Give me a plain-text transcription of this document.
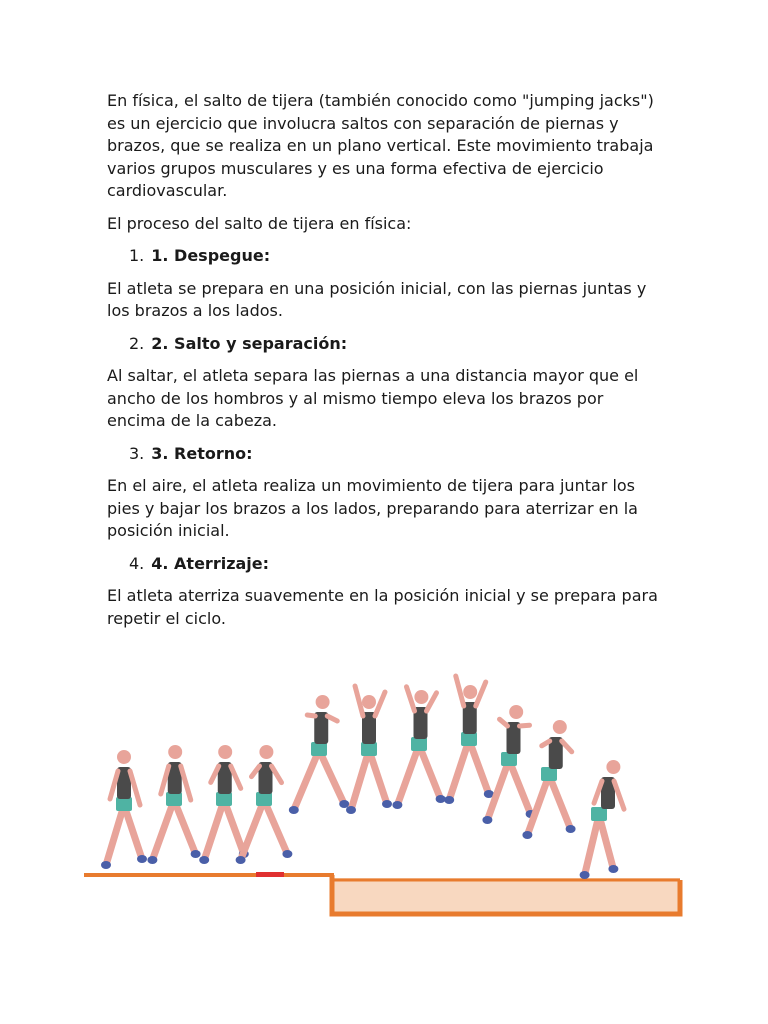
En física, el salto de tijera (también conocido como "jumping jacks") es un ejercicio que involucra saltos con separación de piernas y brazos, que se realiza en un plano vertical. Este movimiento trabaja varios grupos musculares y es una forma efectiva de ejercicio cardiovascular.

El proceso del salto de tijera en física:

1. 1. Despegue:

El atleta se prepara en una posición inicial, con las piernas juntas y los brazos a los lados.

2. 2. Salto y separación:

Al saltar, el atleta separa las piernas a una distancia mayor que el ancho de los hombros y al mismo tiempo eleva los brazos por encima de la cabeza.

3. 3. Retorno:

En el aire, el atleta realiza un movimiento de tijera para juntar los pies y bajar los brazos a los lados, preparando para aterrizar en la posición inicial.

4. 4. Aterrizaje:

El atleta aterriza suavemente en la posición inicial y se prepara para repetir el ciclo.
